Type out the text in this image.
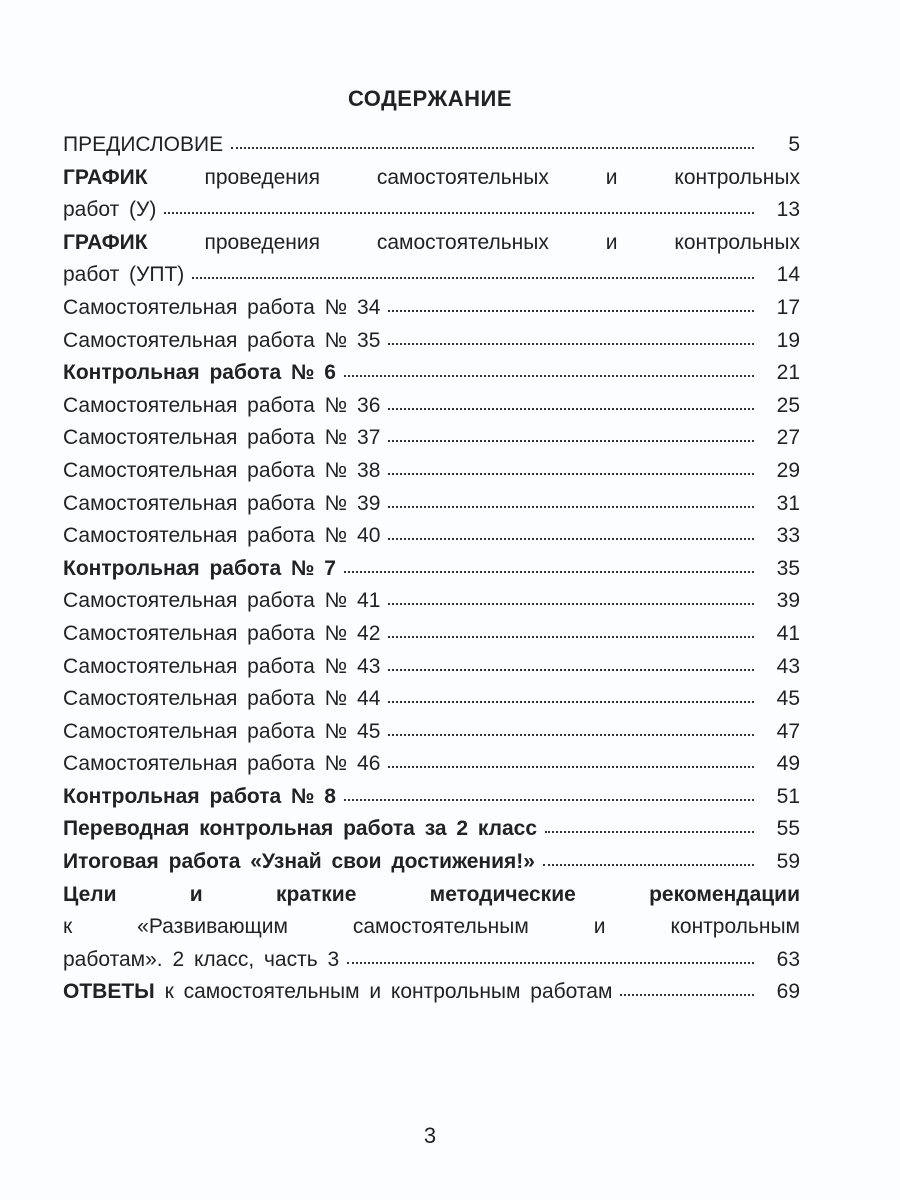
СОДЕРЖАНИЕ
ПРЕДИСЛОВИЕ	5
ГРАФИК проведения самостоятельных и контрольных
работ (У)	13
ГРАФИК проведения самостоятельных и контрольных
работ (УПТ)	14
Самостоятельная работа № 34	17
Самостоятельная работа № 35	19
Контрольная работа № 6	21
Самостоятельная работа № 36	25
Самостоятельная работа № 37	27
Самостоятельная работа № 38	29
Самостоятельная работа № 39	31
Самостоятельная работа № 40	33
Контрольная работа № 7	35
Самостоятельная работа № 41	39
Самостоятельная работа № 42	41
Самостоятельная работа № 43	43
Самостоятельная работа № 44	45
Самостоятельная работа № 45	47
Самостоятельная работа № 46	49
Контрольная работа № 8	51
Переводная контрольная работа за 2 класс	55
Итоговая работа «Узнай свои достижения!»	59
Цели и краткие методические рекомендации
к «Развивающим самостоятельным и контрольным
работам». 2 класс, часть 3	63
ОТВЕТЫ к самостоятельным и контрольным работам	69
3
